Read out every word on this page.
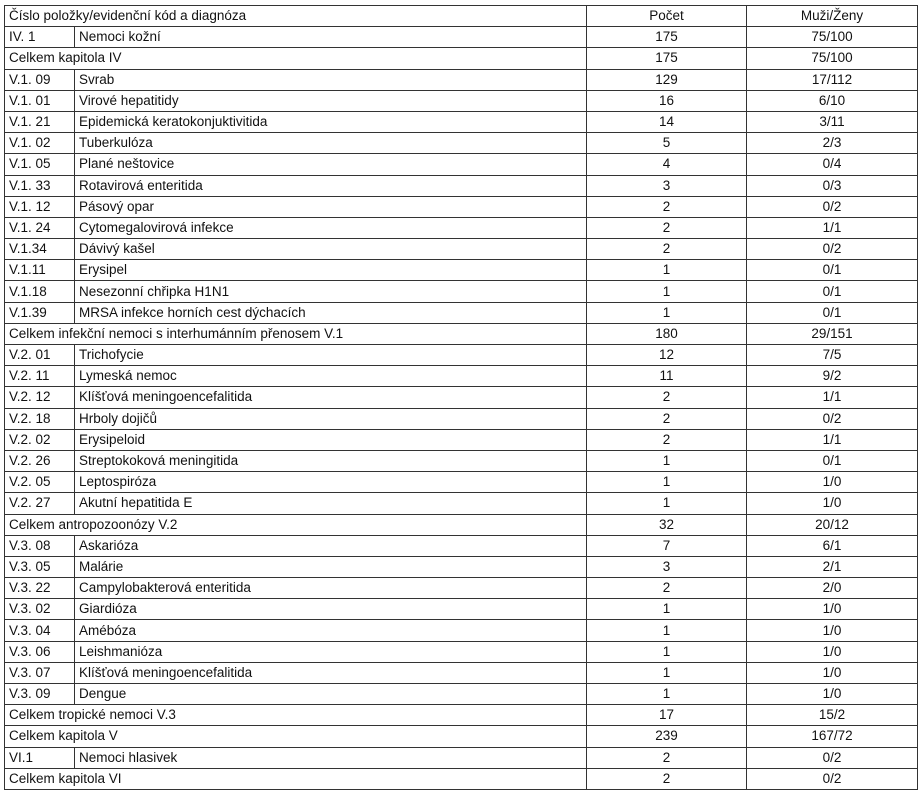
Číslo položky/evidenční kód a diagnóza		Počet	Muži/Ženy
IV. 1	Nemoci kožní	175	75/100
Celkem kapitola IV		175	75/100
V.1. 09	Svrab	129	17/112
V.1. 01	Virové hepatitidy	16	6/10
V.1. 21	Epidemická keratokonjuktivitida	14	3/11
V.1. 02	Tuberkulóza	5	2/3
V.1. 05	Plané neštovice	4	0/4
V.1. 33	Rotavirová enteritida	3	0/3
V.1. 12	Pásový opar	2	0/2
V.1. 24	Cytomegalovirová infekce	2	1/1
V.1.34	Dávivý kašel	2	0/2
V.1.11	Erysipel	1	0/1
V.1.18	Nesezonní chřipka H1N1	1	0/1
V.1.39	MRSA infekce horních cest dýchacích	1	0/1
Celkem infekční nemoci s interhumánním přenosem V.1		180	29/151
V.2. 01	Trichofycie	12	7/5
V.2. 11	Lymeská nemoc	11	9/2
V.2. 12	Klíšťová meningoencefalitida	2	1/1
V.2. 18	Hrboly dojičů	2	0/2
V.2. 02	Erysipeloid	2	1/1
V.2. 26	Streptokoková meningitida	1	0/1
V.2. 05	Leptospiróza	1	1/0
V.2. 27	Akutní hepatitida E	1	1/0
Celkem antropozoonózy V.2		32	20/12
V.3. 08	Askarióza	7	6/1
V.3. 05	Malárie	3	2/1
V.3. 22	Campylobakterová enteritida	2	2/0
V.3. 02	Giardióza	1	1/0
V.3. 04	Amébóza	1	1/0
V.3. 06	Leishmanióza	1	1/0
V.3. 07	Klíšťová meningoencefalitida	1	1/0
V.3. 09	Dengue	1	1/0
Celkem tropické nemoci V.3		17	15/2
Celkem kapitola V		239	167/72
VI.1	Nemoci hlasivek	2	0/2
Celkem kapitola VI		2	0/2
